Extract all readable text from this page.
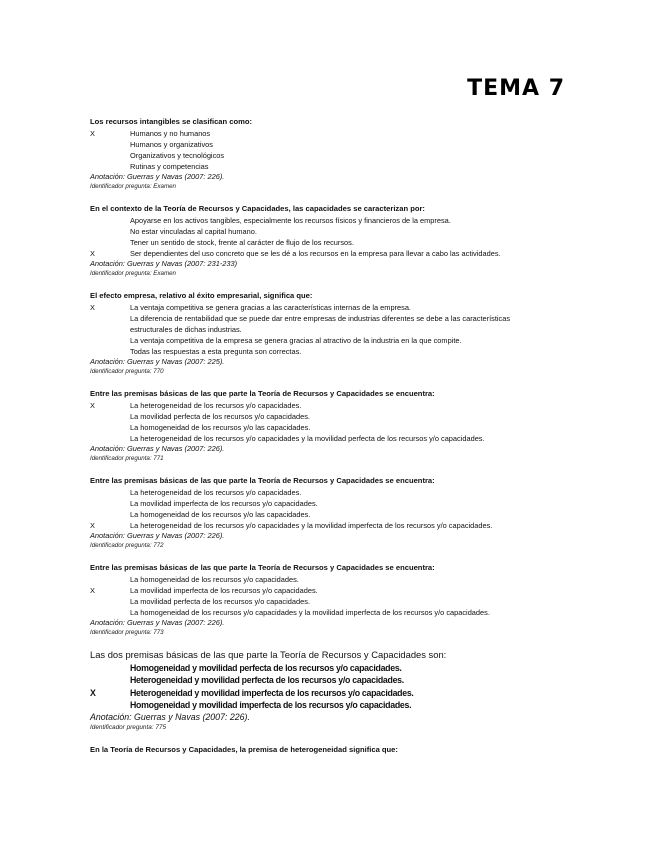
TEMA 7
Los recursos intangibles se clasifican como:
X	Humanos y no humanos
Humanos y organizativos
Organizativos y tecnológicos
Rutinas y competencias
Anotación: Guerras y Navas (2007: 226).
Identificador pregunta: Examen
En el contexto de la Teoría de Recursos y Capacidades, las capacidades se caracterizan por:
Apoyarse en los activos tangibles, especialmente los recursos físicos y financieros de la empresa.
No estar vinculadas al capital humano.
Tener un sentido de stock, frente al carácter de flujo de los recursos.
X	Ser dependientes del uso concreto que se les dé a los recursos en la empresa para llevar a cabo las actividades.
Anotación: Guerras y Navas (2007: 231-233)
Identificador pregunta: Examen
El efecto empresa, relativo al éxito empresarial, significa que:
X	La ventaja competitiva se genera gracias a las características internas de la empresa.
La diferencia de rentabilidad que se puede dar entre empresas de industrias diferentes se debe a las características
estructurales de dichas industrias.
La ventaja competitiva de la empresa se genera gracias al atractivo de la industria en la que compite.
Todas las respuestas a esta pregunta son correctas.
Anotación: Guerras y Navas (2007: 225).
Identificador pregunta: 770
Entre las premisas básicas de las que parte la Teoría de Recursos y Capacidades se encuentra:
X	La heterogeneidad de los recursos y/o capacidades.
La movilidad perfecta de los recursos y/o capacidades.
La homogeneidad de los recursos y/o las capacidades.
La heterogeneidad de los recursos y/o capacidades y la movilidad perfecta de los recursos y/o capacidades.
Anotación: Guerras y Navas (2007: 226).
Identificador pregunta: 771
Entre las premisas básicas de las que parte la Teoría de Recursos y Capacidades se encuentra:
La heterogeneidad de los recursos y/o capacidades.
La movilidad imperfecta de los recursos y/o capacidades.
La homogeneidad de los recursos y/o las capacidades.
X	La heterogeneidad de los recursos y/o capacidades y la movilidad imperfecta de los recursos y/o capacidades.
Anotación: Guerras y Navas (2007: 226).
Identificador pregunta: 772
Entre las premisas básicas de las que parte la Teoría de Recursos y Capacidades se encuentra:
La homogeneidad de los recursos y/o capacidades.
X	La movilidad imperfecta de los recursos y/o capacidades.
La movilidad perfecta de los recursos y/o capacidades.
La homogeneidad de los recursos y/o capacidades y la movilidad imperfecta de los recursos y/o capacidades.
Anotación: Guerras y Navas (2007: 226).
Identificador pregunta: 773
Las dos premisas básicas de las que parte la Teoría de Recursos y Capacidades son:
Homogeneidad y movilidad perfecta de los recursos y/o capacidades.
Heterogeneidad y movilidad perfecta de los recursos y/o capacidades.
X	Heterogeneidad y movilidad imperfecta de los recursos y/o capacidades.
Homogeneidad y movilidad imperfecta de los recursos y/o capacidades.
Anotación: Guerras y Navas (2007: 226).
Identificador pregunta: 775
En la Teoría de Recursos y Capacidades, la premisa de heterogeneidad significa que:
